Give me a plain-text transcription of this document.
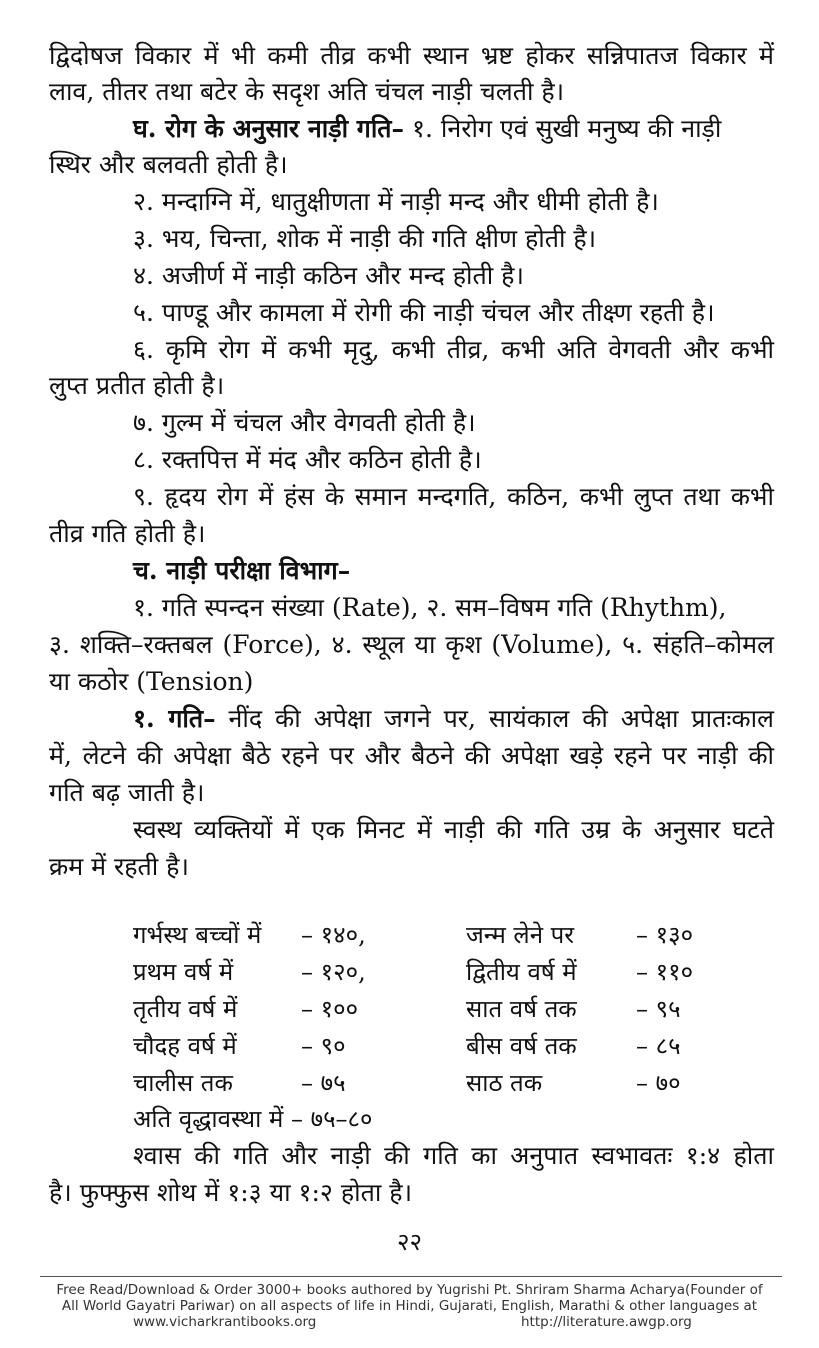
द्विदोषज विकार में भी कमी तीव्र कभी स्थान भ्रष्ट होकर सन्निपातज विकार में
लाव, तीतर तथा बटेर के सदृश अति चंचल नाड़ी चलती है।
घ. रोग के अनुसार नाड़ी गति– १. निरोग एवं सुखी मनुष्य की नाड़ी
स्थिर और बलवती होती है।
२. मन्दाग्नि में, धातुक्षीणता में नाड़ी मन्द और धीमी होती है।
३. भय, चिन्ता, शोक में नाड़ी की गति क्षीण होती है।
४. अजीर्ण में नाड़ी कठिन और मन्द होती है।
५. पाण्डू और कामला में रोगी की नाड़ी चंचल और तीक्ष्ण रहती है।
६. कृमि रोग में कभी मृदु, कभी तीव्र, कभी अति वेगवती और कभी
लुप्त प्रतीत होती है।
७. गुल्म में चंचल और वेगवती होती है।
८. रक्तपित्त में मंद और कठिन होती है।
९. हृदय रोग में हंस के समान मन्दगति, कठिन, कभी लुप्त तथा कभी
तीव्र गति होती है।
च. नाड़ी परीक्षा विभाग–
१. गति स्पन्दन संख्या (Rate), २. सम–विषम गति (Rhythm),
३. शक्ति–रक्तबल (Force), ४. स्थूल या कृश (Volume), ५. संहति–कोमल
या कठोर (Tension)
१. गति– नींद की अपेक्षा जगने पर, सायंकाल की अपेक्षा प्रातःकाल
में, लेटने की अपेक्षा बैठे रहने पर और बैठने की अपेक्षा खड़े रहने पर नाड़ी की
गति बढ़ जाती है।
स्वस्थ व्यक्तियों में एक मिनट में नाड़ी की गति उम्र के अनुसार घटते
क्रम में रहती है।
गर्भस्थ बच्चों में – १४०,	जन्म लेने पर	– १३०
प्रथम वर्ष में	– १२०,	द्वितीय वर्ष में – ११०
तृतीय वर्ष में	– १००	सात वर्ष तक – ९५
चौदह वर्ष में	– ९०	बीस वर्ष तक – ८५
चालीस तक	– ७५	साठ तक	– ७०
अति वृद्धावस्था में – ७५–८०
श्वास की गति और नाड़ी की गति का अनुपात स्वभावतः १:४ होता
है। फुफ्फुस शोथ में १:३ या १:२ होता है।
२२
Free Read/Download & Order 3000+ books authored by Yugrishi Pt. Shriram Sharma Acharya(Founder of
All World Gayatri Pariwar) on all aspects of life in Hindi, Gujarati, English, Marathi & other languages at
www.vicharkrantibooks.org	http://literature.awgp.org
